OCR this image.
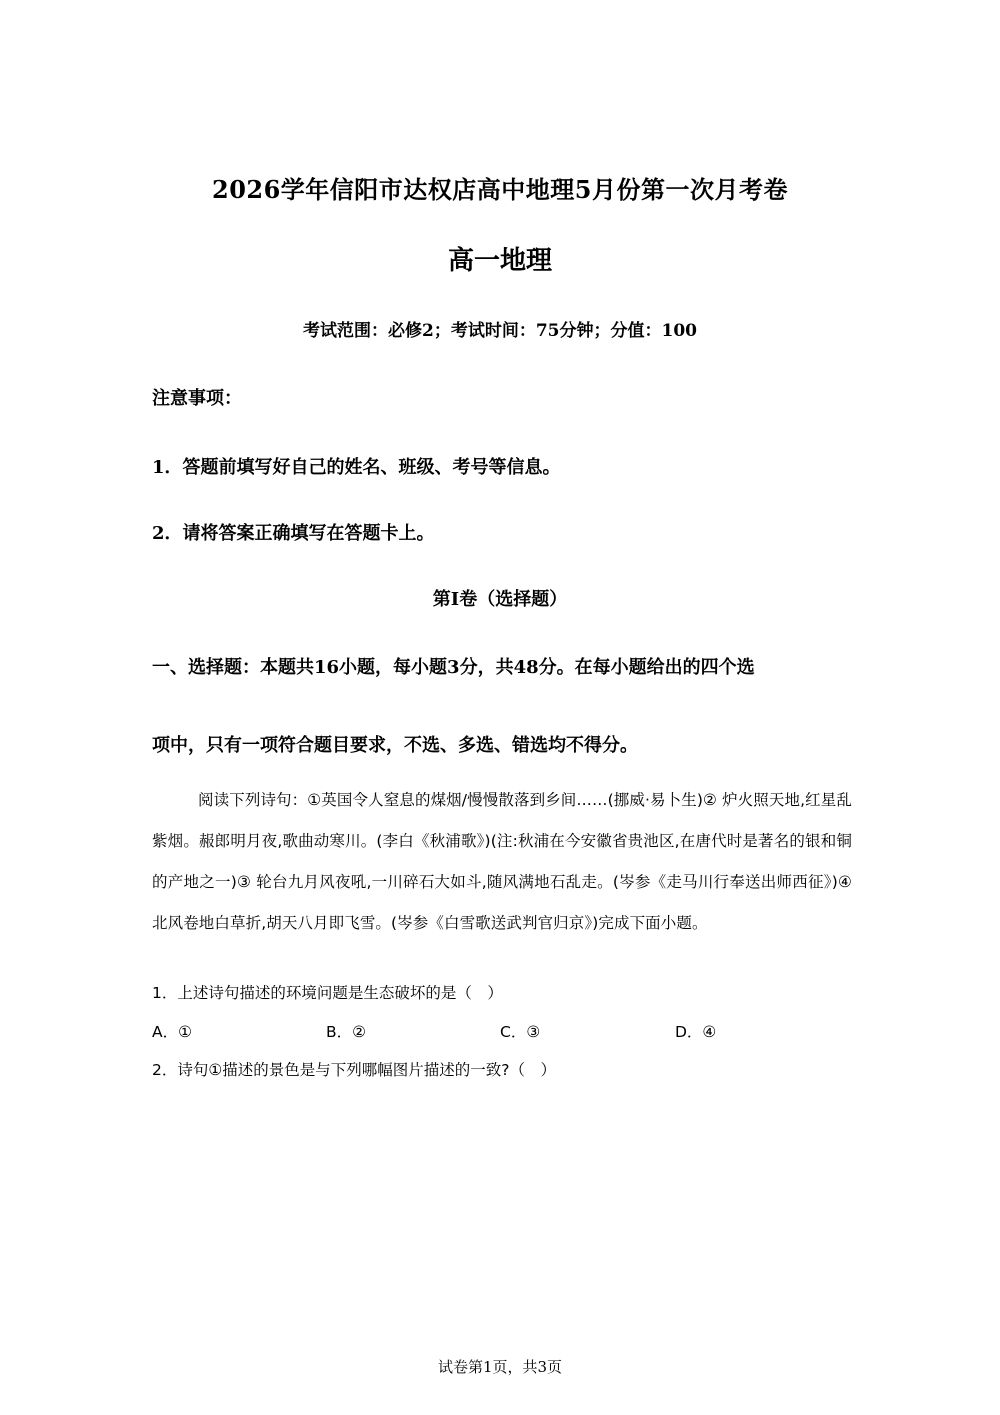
2026学年信阳市达权店高中地理5月份第一次月考卷
高一地理
考试范围：必修2；考试时间：75分钟；分值：100
注意事项：
1．答题前填写好自己的姓名、班级、考号等信息。
2．请将答案正确填写在答题卡上。
第I卷（选择题）
一、选择题：本题共16小题，每小题3分，共48分。在每小题给出的四个选
项中，只有一项符合题目要求，不选、多选、错选均不得分。
阅读下列诗句：①英国令人窒息的煤烟/慢慢散落到乡间……(挪威·易卜生)② 炉火照天地,红星乱紫烟。赧郎明月夜,歌曲动寒川。(李白《秋浦歌》)(注:秋浦在今安徽省贵池区,在唐代时是著名的银和铜的产地之一)③ 轮台九月风夜吼,一川碎石大如斗,随风满地石乱走。(岑参《走马川行奉送出师西征》)④ 北风卷地白草折,胡天八月即飞雪。(岑参《白雪歌送武判官归京》)完成下面小题。
1．上述诗句描述的环境问题是生态破坏的是（　）
A．①	B．②	C．③	D．④
2．诗句①描述的景色是与下列哪幅图片描述的一致?（　）
试卷第1页，共3页
